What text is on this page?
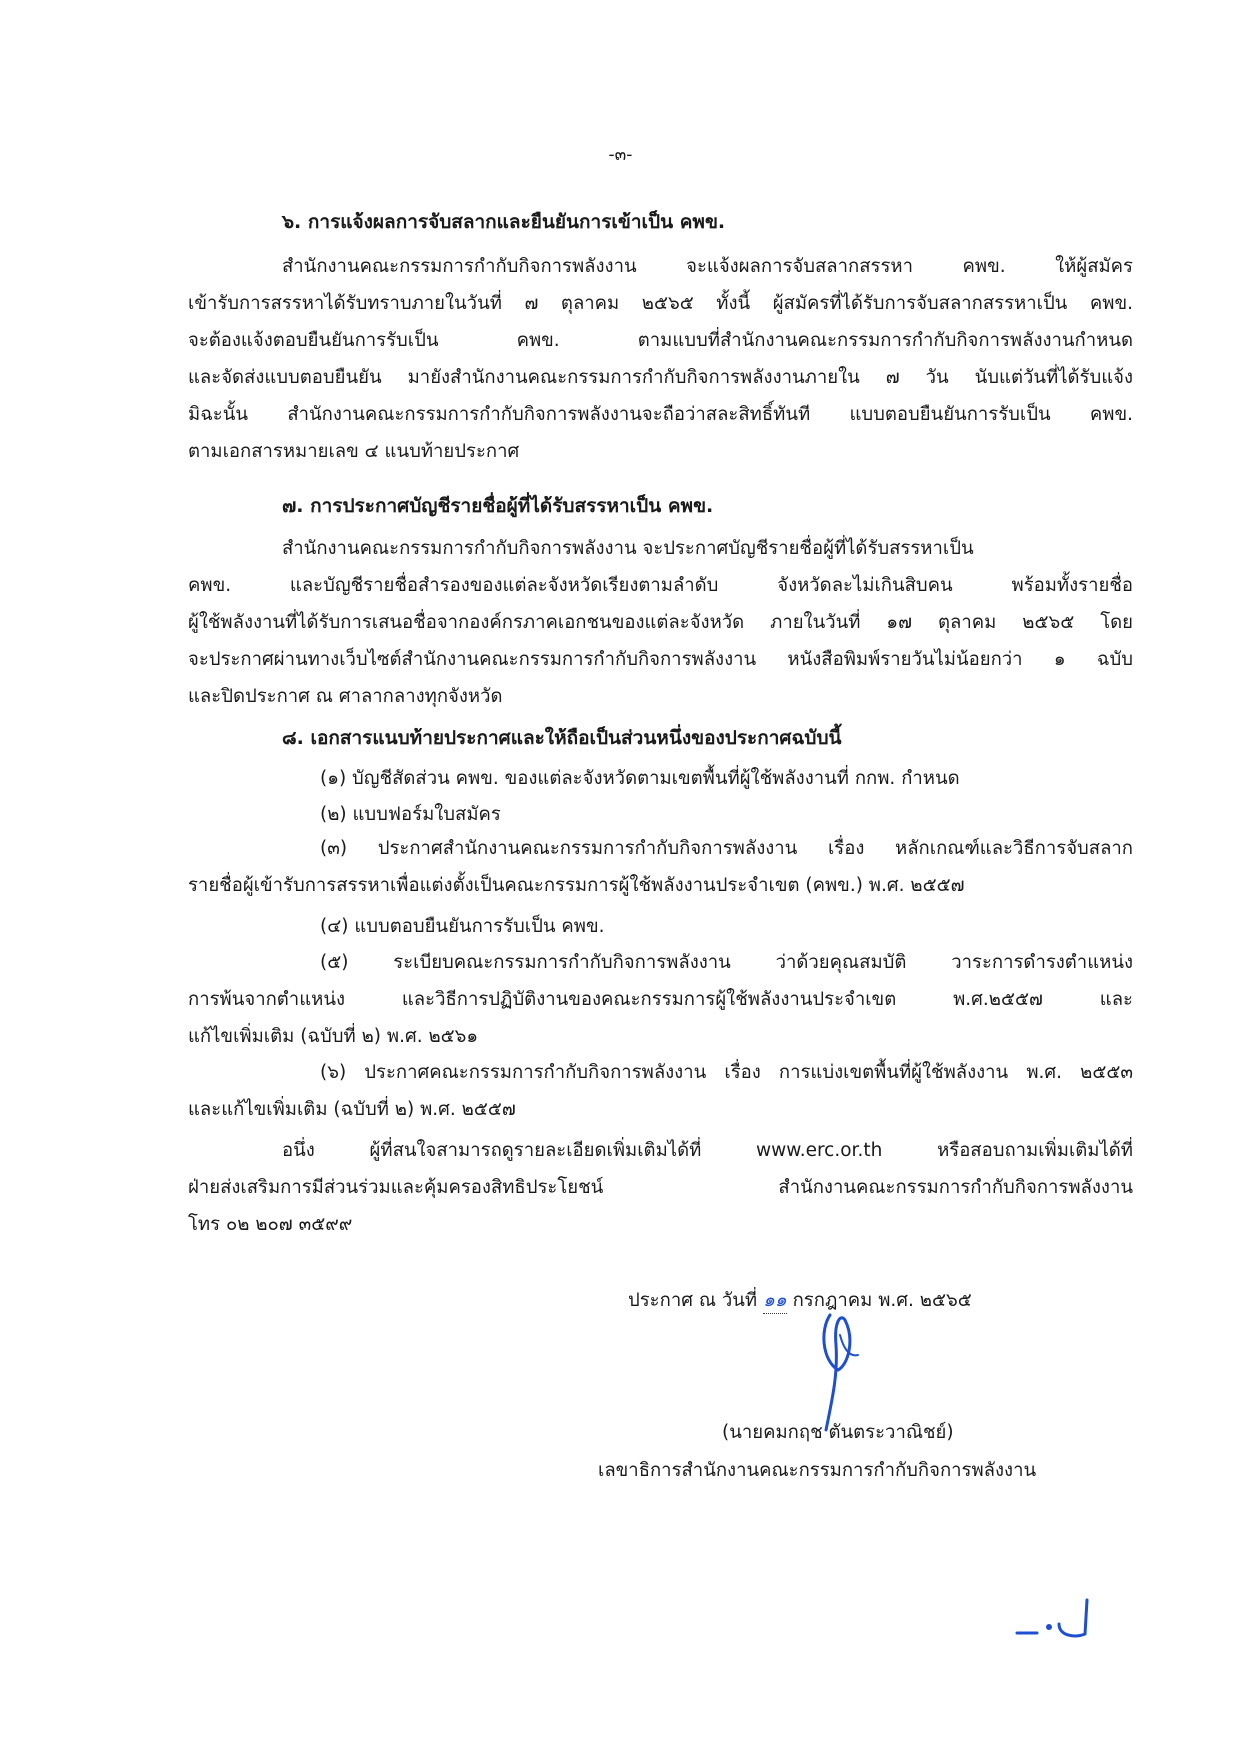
-๓-
๖. การแจ้งผลการจับสลากและยืนยันการเข้าเป็น คพข.
สำนักงานคณะกรรมการกำกับกิจการพลังงาน จะแจ้งผลการจับสลากสรรหา คพข. ให้ผู้สมัคร
เข้ารับการสรรหาได้รับทราบภายในวันที่ ๗ ตุลาคม ๒๕๖๕ ทั้งนี้ ผู้สมัครที่ได้รับการจับสลากสรรหาเป็น คพข.
จะต้องแจ้งตอบยืนยันการรับเป็น คพข. ตามแบบที่สำนักงานคณะกรรมการกำกับกิจการพลังงานกำหนด
และจัดส่งแบบตอบยืนยัน มายังสำนักงานคณะกรรมการกำกับกิจการพลังงานภายใน ๗ วัน นับแต่วันที่ได้รับแจ้ง
มิฉะนั้น สำนักงานคณะกรรมการกำกับกิจการพลังงานจะถือว่าสละสิทธิ์ทันที แบบตอบยืนยันการรับเป็น คพข.
ตามเอกสารหมายเลข ๔ แนบท้ายประกาศ
๗. การประกาศบัญชีรายชื่อผู้ที่ได้รับสรรหาเป็น คพข.
สำนักงานคณะกรรมการกำกับกิจการพลังงาน จะประกาศบัญชีรายชื่อผู้ที่ได้รับสรรหาเป็น
คพข. และบัญชีรายชื่อสำรองของแต่ละจังหวัดเรียงตามลำดับ จังหวัดละไม่เกินสิบคน พร้อมทั้งรายชื่อ
ผู้ใช้พลังงานที่ได้รับการเสนอชื่อจากองค์กรภาคเอกชนของแต่ละจังหวัด ภายในวันที่ ๑๗ ตุลาคม ๒๕๖๕ โดย
จะประกาศผ่านทางเว็บไซต์สำนักงานคณะกรรมการกำกับกิจการพลังงาน หนังสือพิมพ์รายวันไม่น้อยกว่า ๑ ฉบับ
และปิดประกาศ ณ ศาลากลางทุกจังหวัด
๘. เอกสารแนบท้ายประกาศและให้ถือเป็นส่วนหนึ่งของประกาศฉบับนี้
(๑) บัญชีสัดส่วน คพข. ของแต่ละจังหวัดตามเขตพื้นที่ผู้ใช้พลังงานที่ กกพ. กำหนด
(๒) แบบฟอร์มใบสมัคร
(๓) ประกาศสำนักงานคณะกรรมการกำกับกิจการพลังงาน เรื่อง หลักเกณฑ์และวิธีการจับสลาก
รายชื่อผู้เข้ารับการสรรหาเพื่อแต่งตั้งเป็นคณะกรรมการผู้ใช้พลังงานประจำเขต (คพข.) พ.ศ. ๒๕๕๗
(๔) แบบตอบยืนยันการรับเป็น คพข.
(๕) ระเบียบคณะกรรมการกำกับกิจการพลังงาน ว่าด้วยคุณสมบัติ วาระการดำรงตำแหน่ง
การพ้นจากตำแหน่ง และวิธีการปฏิบัติงานของคณะกรรมการผู้ใช้พลังงานประจำเขต พ.ศ.๒๕๕๗ และ
แก้ไขเพิ่มเติม (ฉบับที่ ๒) พ.ศ. ๒๕๖๑
(๖) ประกาศคณะกรรมการกำกับกิจการพลังงาน เรื่อง การแบ่งเขตพื้นที่ผู้ใช้พลังงาน พ.ศ. ๒๕๕๓
และแก้ไขเพิ่มเติม (ฉบับที่ ๒) พ.ศ. ๒๕๕๗
อนึ่ง ผู้ที่สนใจสามารถดูรายละเอียดเพิ่มเติมได้ที่ www.erc.or.th หรือสอบถามเพิ่มเติมได้ที่
ฝ่ายส่งเสริมการมีส่วนร่วมและคุ้มครองสิทธิประโยชน์ สำนักงานคณะกรรมการกำกับกิจการพลังงาน
โทร ๐๒ ๒๐๗ ๓๕๙๙
ประกาศ ณ วันที่ ๑๑ กรกฎาคม พ.ศ. ๒๕๖๕
(นายคมกฤช ตันตระวาณิชย์)
เลขาธิการสำนักงานคณะกรรมการกำกับกิจการพลังงาน
